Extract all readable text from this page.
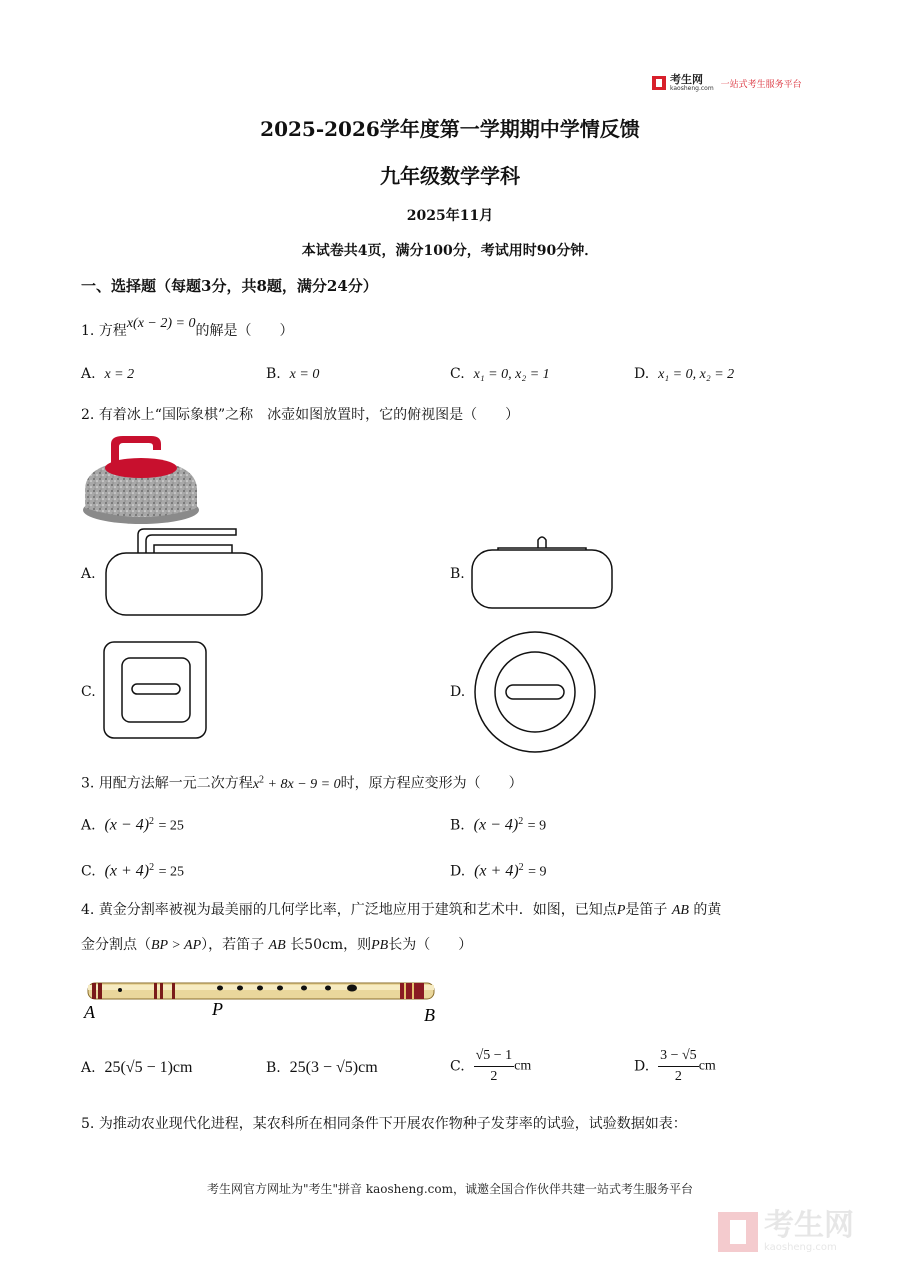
考生网
kaosheng.com 一站式考生服务平台
2025-2026学年度第一学期期中学情反馈
九年级数学学科
2025年11月
本试卷共4页，满分100分，考试用时90分钟．
一、选择题（每题3分，共8题，满分24分）
1. 方程x(x − 2) = 0的解是（　　）
A. x = 2	B. x = 0	C. x₁ = 0, x₂ = 1	D. x₁ = 0, x₂ = 2
2. 有着冰上“国际象棋”之称　冰壶如图放置时，它的俯视图是（　　）
A.	B.
C.	D.
3. 用配方法解一元二次方程$x^2 + 8x - 9 = 0$时，原方程应变形为（　　）
A. $(x - 4)^2 = 25$	B. $(x - 4)^2 = 9$
C. $(x + 4)^2 = 25$	D. $(x + 4)^2 = 9$
4. 黄金分割率被视为最美丽的几何学比率，广泛地应用于建筑和艺术中．如图，已知点P是笛子 AB 的黄
金分割点（BP > AP），若笛子 AB 长50cm，则PB长为（　　）
A	P	B
A. 25(√5 − 1)cm	B. 25(3 − √5)cm	C. $\frac{√5 - 1}{2}$ cm	D. $\frac{3 - √5}{2}$ cm
5. 为推动农业现代化进程，某农科所在相同条件下开展农作物种子发芽率的试验，试验数据如表：
考生网官方网址为"考生"拼音 kaosheng.com，诚邀全国合作伙伴共建一站式考生服务平台
考生网
kaosheng.com
